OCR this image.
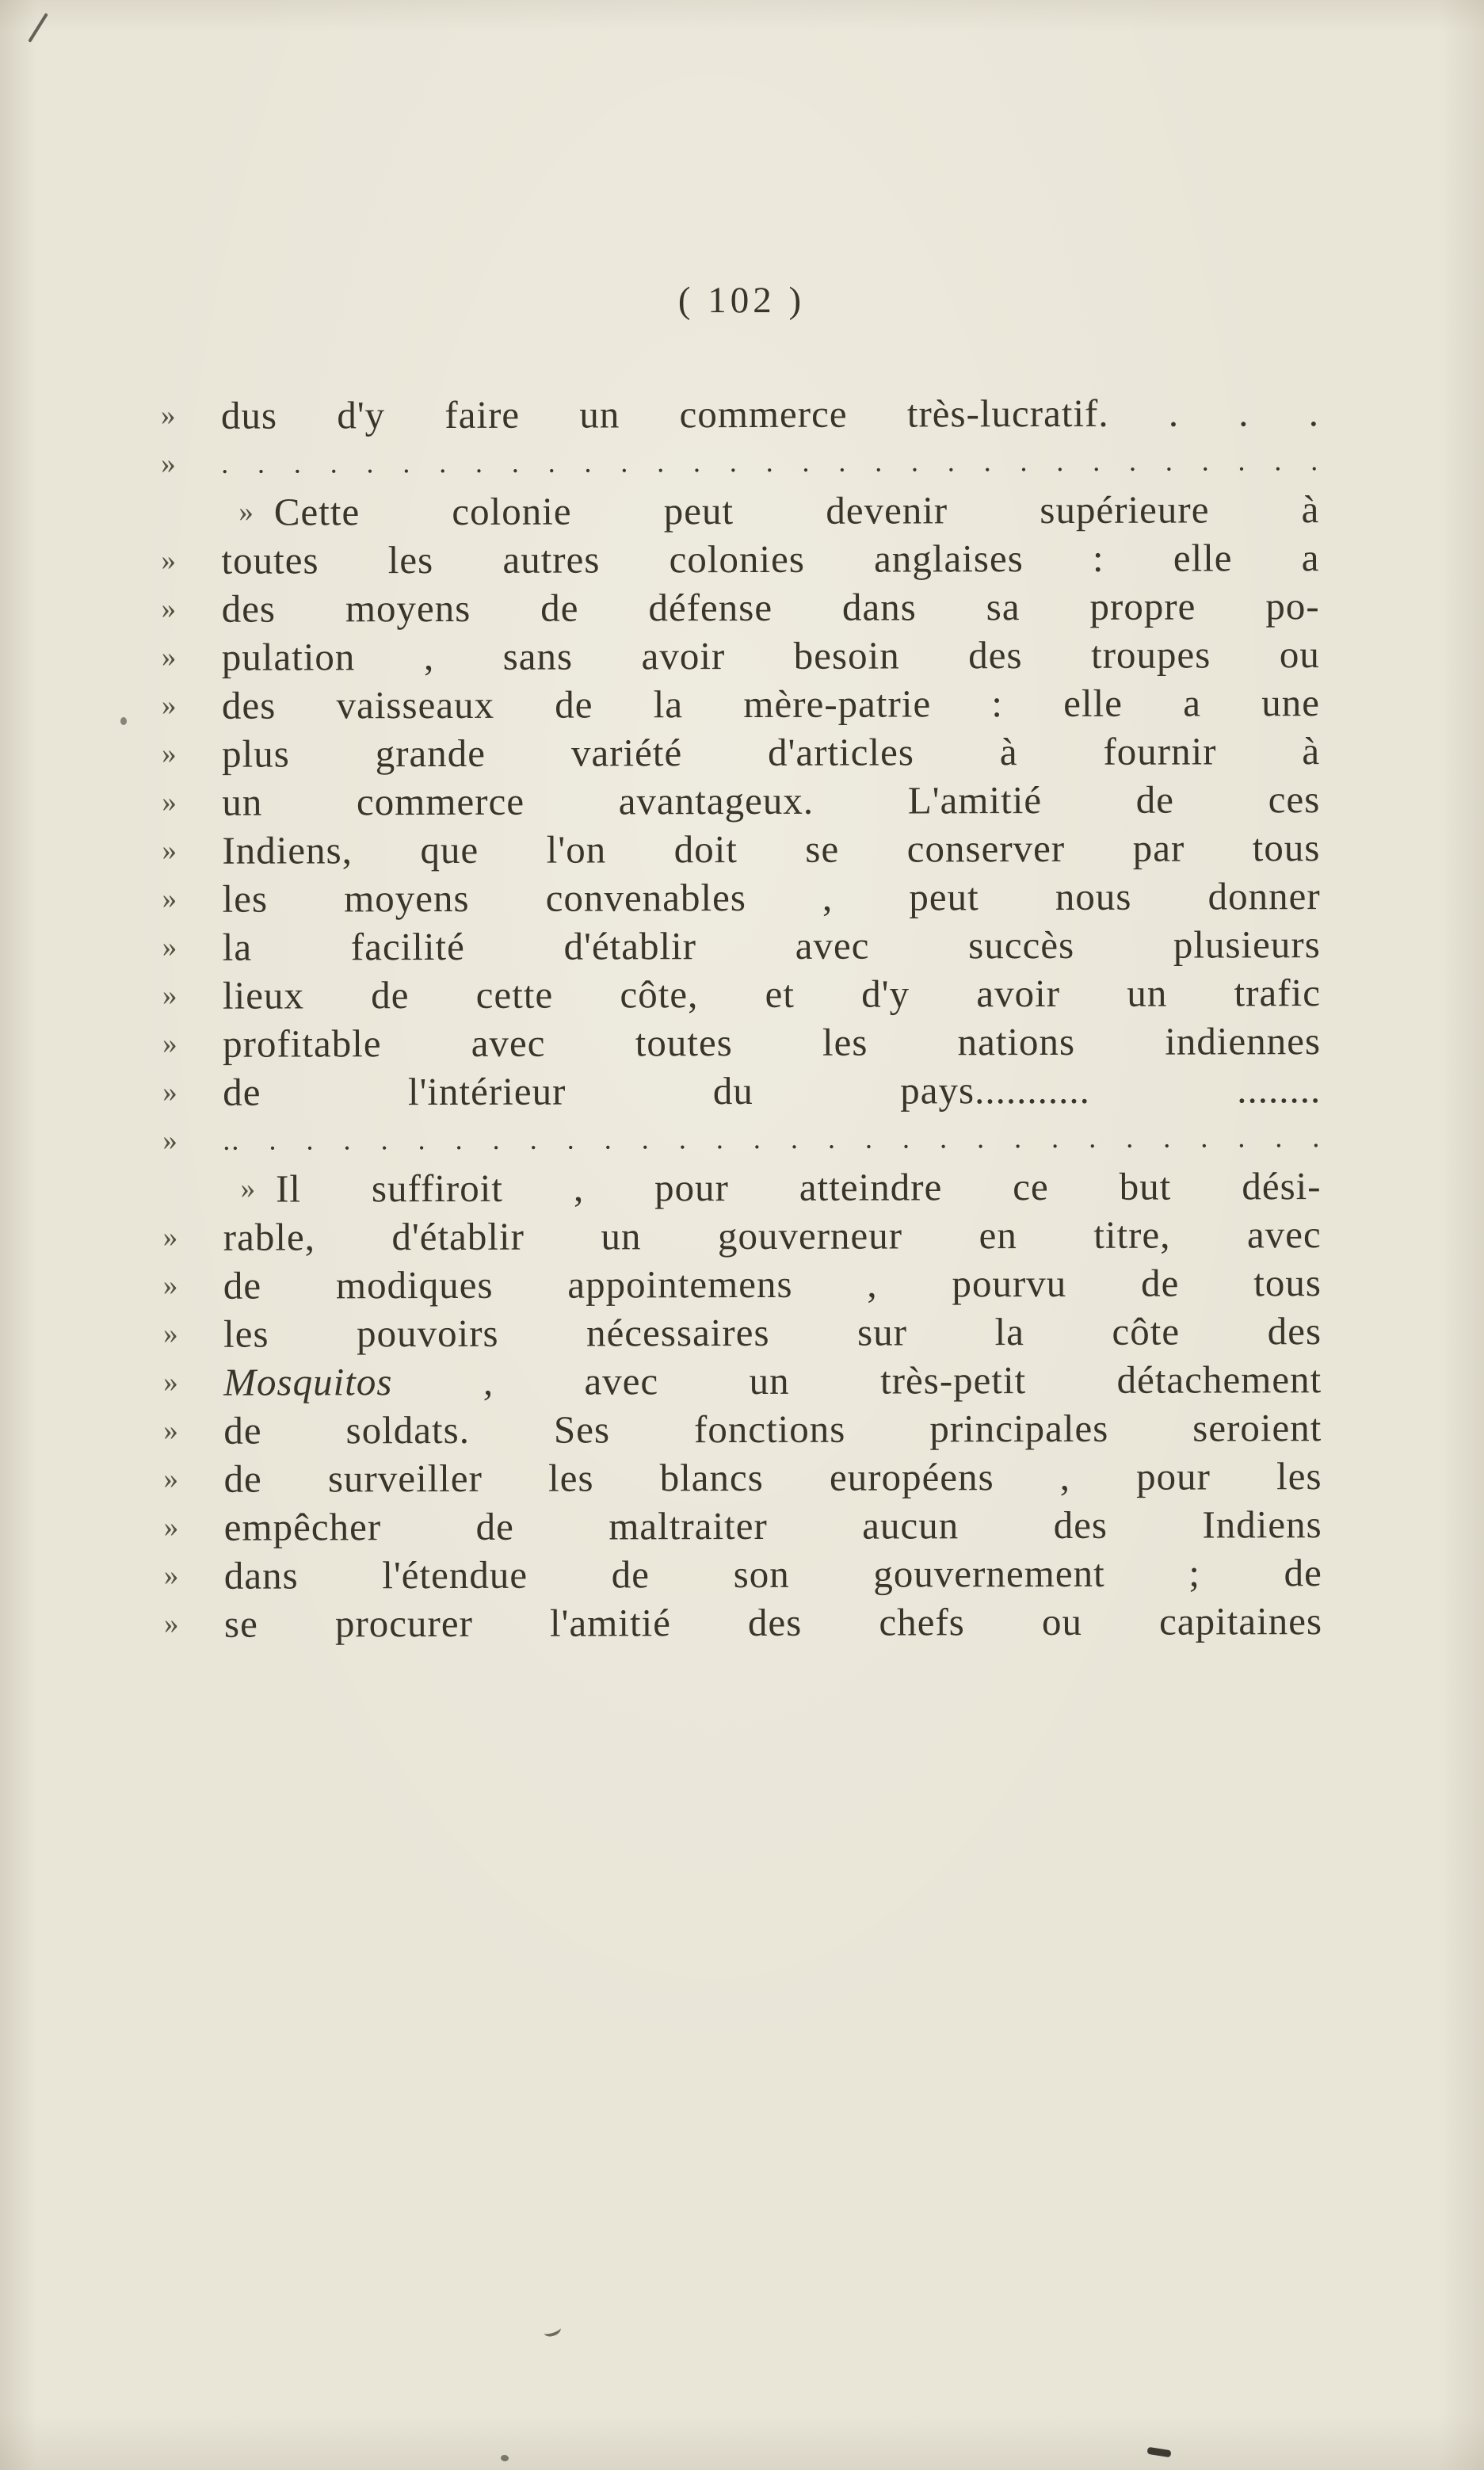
( 102 )
»	dus d'y faire un commerce très-lucratif. . . .
»	. . . . . . . . . . . . . . . . . . . . . . . . . . . . . . .
» Cette colonie peut devenir supérieure à
»	toutes les autres colonies anglaises : elle a
»	des moyens de défense dans sa propre po-
»	pulation , sans avoir besoin des troupes ou
»	des vaisseaux de la mère-patrie : elle a une
»	plus grande variété d'articles à fournir à
»	un commerce avantageux. L'amitié de ces
»	Indiens, que l'on doit se conserver par tous
»	les moyens convenables , peut nous donner
»	la facilité d'établir avec succès plusieurs
»	lieux de cette côte, et d'y avoir un trafic
»	profitable avec toutes les nations indiennes
»	de l'intérieur du pays........... ........
»	.. . . . . . . . . . . . . . . . . . . . . . . . . . . . . .
» Il suffiroit , pour atteindre ce but dési-
»	rable, d'établir un gouverneur en titre, avec
»	de modiques appointemens , pourvu de tous
»	les pouvoirs nécessaires sur la côte des
»	Mosquitos , avec un très-petit détachement
»	de soldats. Ses fonctions principales seroient
»	de surveiller les blancs européens , pour les
»	empêcher de maltraiter aucun des Indiens
»	dans l'étendue de son gouvernement ; de
»	se procurer l'amitié des chefs ou capitaines
